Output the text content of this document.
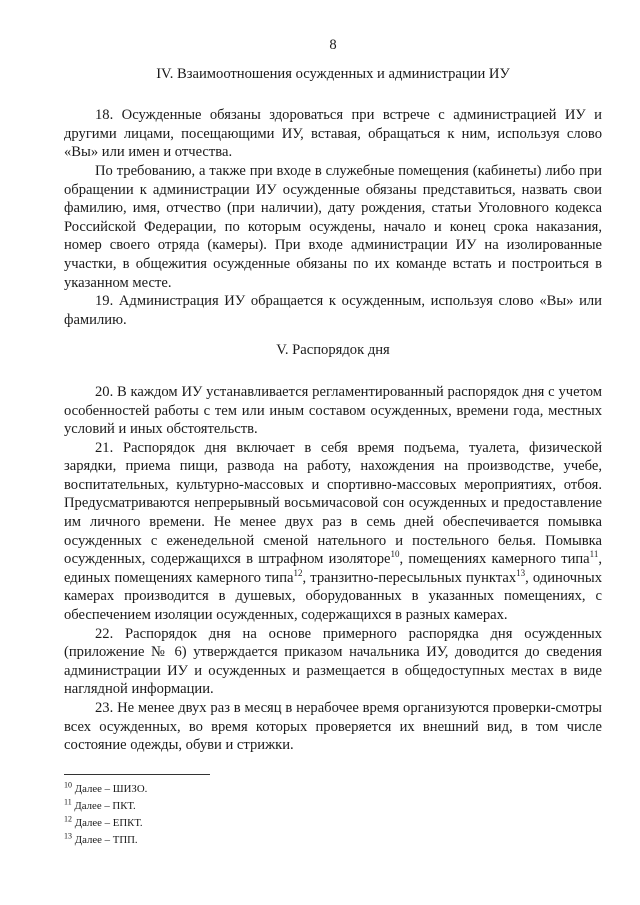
8
IV. Взаимоотношения осужденных и администрации ИУ

18. Осужденные обязаны здороваться при встрече с администрацией ИУ и другими лицами, посещающими ИУ, вставая, обращаться к ним, используя слово «Вы» или имен и отчества.

По требованию, а также при входе в служебные помещения (кабинеты) либо при обращении к администрации ИУ осужденные обязаны представиться, назвать свои фамилию, имя, отчество (при наличии), дату рождения, статьи Уголовного кодекса Российской Федерации, по которым осуждены, начало и конец срока наказания, номер своего отряда (камеры). При входе администрации ИУ на изолированные участки, в общежития осужденные обязаны по их команде встать и построиться в указанном месте.

19. Администрация ИУ обращается к осужденным, используя слово «Вы» или фамилию.

V. Распорядок дня

20. В каждом ИУ устанавливается регламентированный распорядок дня с учетом особенностей работы с тем или иным составом осужденных, времени года, местных условий и иных обстоятельств.

21. Распорядок дня включает в себя время подъема, туалета, физической зарядки, приема пищи, развода на работу, нахождения на производстве, учебе, воспитательных, культурно-массовых и спортивно-массовых мероприятиях, отбоя. Предусматриваются непрерывный восьмичасовой сон осужденных и предоставление им личного времени. Не менее двух раз в семь дней обеспечивается помывка осужденных с еженедельной сменой нательного и постельного белья. Помывка осужденных, содержащихся в штрафном изоляторе$^{10}$, помещениях камерного типа$^{11}$, единых помещениях камерного типа$^{12}$, транзитно-пересыльных пунктах$^{13}$, одиночных камерах производится в душевых, оборудованных в указанных помещениях, с обеспечением изоляции осужденных, содержащихся в разных камерах.

22. Распорядок дня на основе примерного распорядка дня осужденных (приложение № 6) утверждается приказом начальника ИУ, доводится до сведения администрации ИУ и осужденных и размещается в общедоступных местах в виде наглядной информации.

23. Не менее двух раз в месяц в нерабочее время организуются проверки-смотры всех осужденных, во время которых проверяется их внешний вид, в том числе состояние одежды, обуви и стрижки.

$^{10}$ Далее – ШИЗО.

$^{11}$ Далее – ПКТ.

$^{12}$ Далее – ЕПКТ.

$^{13}$ Далее – ТПП.
